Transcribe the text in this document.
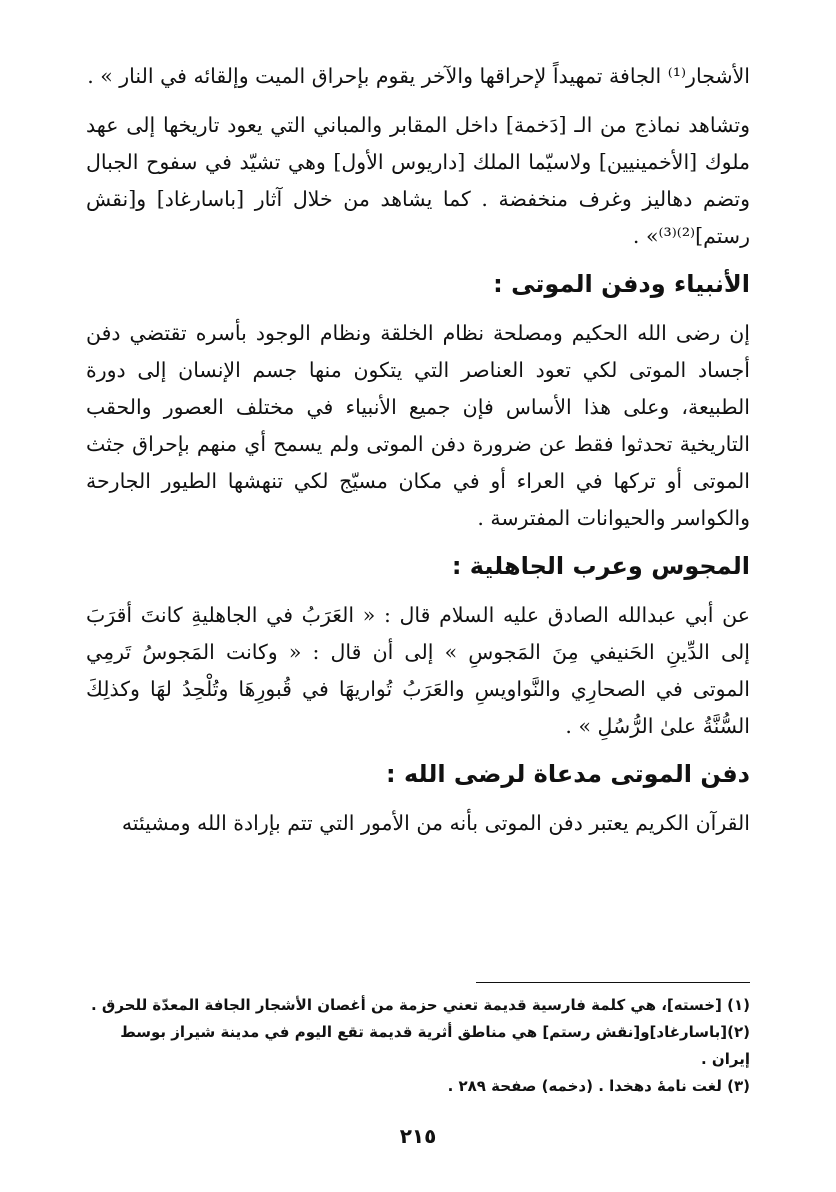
الأشجار⁽¹⁾ الجافة تمهيداً لإحراقها والآخر يقوم بإحراق الميت وإلقائه في النار » .

وتشاهد نماذج من الـ [دَخمة] داخل المقابر والمباني التي يعود تاريخها إلى عهد ملوك [الأخمينيين] ولاسيّما الملك [داريوس الأول] وهي تشيّد في سفوح الجبال وتضم دهاليز وغرف منخفضة . كما يشاهد من خلال آثار [باسارغاد] و[نقش رستم]⁽²⁾⁽³⁾» .

الأنبياء ودفن الموتى :

إن رضى الله الحكيم ومصلحة نظام الخلقة ونظام الوجود بأسره تقتضي دفن أجساد الموتى لكي تعود العناصر التي يتكون منها جسم الإنسان إلى دورة الطبيعة، وعلى هذا الأساس فإن جميع الأنبياء في مختلف العصور والحقب التاريخية تحدثوا فقط عن ضرورة دفن الموتى ولم يسمح أي منهم بإحراق جثث الموتى أو تركها في العراء أو في مكان مسيّج لكي تنهشها الطيور الجارحة والكواسر والحيوانات المفترسة .

المجوس وعرب الجاهلية :

عن أبي عبدالله الصادق عليه السلام قال : « العَرَبُ في الجاهليةِ كانتَ أقرَبَ إلى الدِّينِ الحَنيفي مِنَ المَجوسِ » إلى أن قال : « وكانت المَجوسُ تَرمِي الموتى في الصحارِي والنَّواويسِ والعَرَبُ تُواريهَا في قُبورِهَا وتُلْحِدُ لهَا وكذلِكَ السُّنَّةُ علىٰ الرُّسُلِ » .

دفن الموتى مدعاة لرضى الله :

القرآن الكريم يعتبر دفن الموتى بأنه من الأمور التي تتم بإرادة الله ومشيئته

(١) [خسته]، هي كلمة فارسية قديمة تعني حزمة من أغصان الأشجار الجافة المعدّة للحرق .
(٢)[باسارغاد]و[نقش رستم] هي مناطق أثرية قديمة تقع اليوم في مدينة شيراز بوسط إيران .
(٣) لغت نامهٔ دهخدا . (دخمه) صفحة ٢٨٩ .
٢١٥
